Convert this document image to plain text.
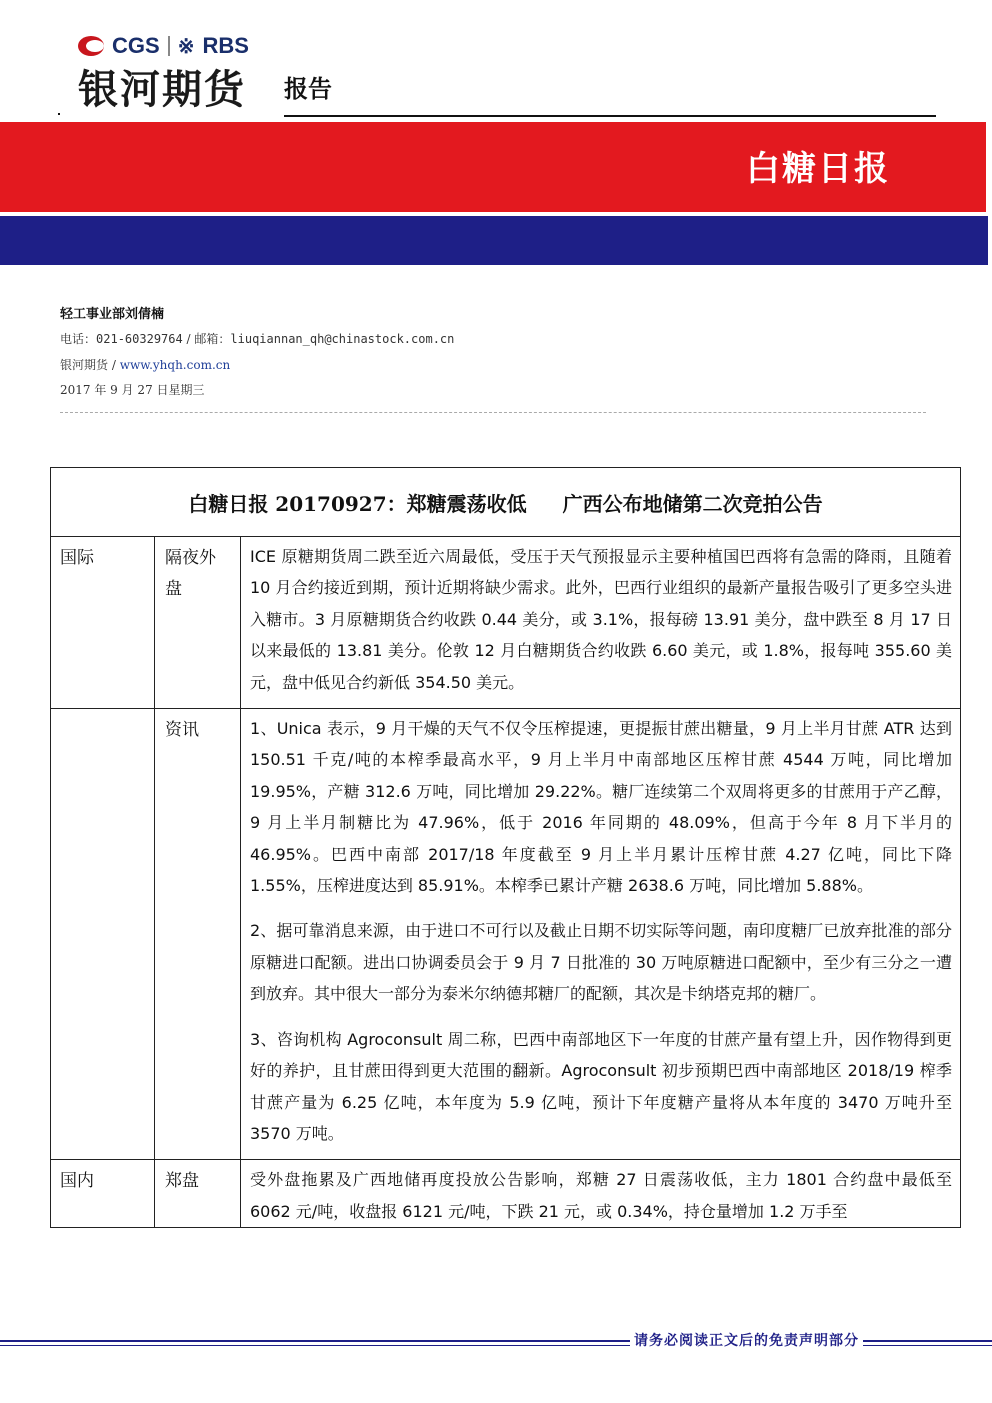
CGS ※ RBS
银河期货 报告
白糖日报
轻工事业部刘倩楠
电话：021-60329764 / 邮箱：liuqiannan_qh@chinastock.com.cn
银河期货 / www.yhqh.com.cn
2017 年 9 月 27 日星期三
白糖日报 20170927：郑糖震荡收低 广西公布地储第二次竞拍公告		
国际	隔夜外盘	ICE 原糖期货周二跌至近六周最低，受压于天气预报显示主要种植国巴西将有急需的降雨，且随着 10 月合约接近到期，预计近期将缺少需求。此外，巴西行业组织的最新产量报告吸引了更多空头进入糖市。3 月原糖期货合约收跌 0.44 美分，或 3.1%，报每磅 13.91 美分，盘中跌至 8 月 17 日以来最低的 13.81 美分。伦敦 12 月白糖期货合约收跌 6.60 美元，或 1.8%，报每吨 355.60 美元，盘中低见合约新低 354.50 美元。

	资讯	1、Unica 表示，9 月干燥的天气不仅令压榨提速，更提振甘蔗出糖量，9 月上半月甘蔗 ATR 达到 150.51 千克/吨的本榨季最高水平，9 月上半月中南部地区压榨甘蔗 4544 万吨，同比增加 19.95%，产糖 312.6 万吨，同比增加 29.22%。糖厂连续第二个双周将更多的甘蔗用于产乙醇，9 月上半月制糖比为 47.96%，低于 2016 年同期的 48.09%，但高于今年 8 月下半月的 46.95%。巴西中南部 2017/18 年度截至 9 月上半月累计压榨甘蔗 4.27 亿吨，同比下降 1.55%，压榨进度达到 85.91%。本榨季已累计产糖 2638.6 万吨，同比增加 5.88%。

2、据可靠消息来源，由于进口不可行以及截止日期不切实际等问题，南印度糖厂已放弃批准的部分原糖进口配额。进出口协调委员会于 9 月 7 日批准的 30 万吨原糖进口配额中，至少有三分之一遭到放弃。其中很大一部分为泰米尔纳德邦糖厂的配额，其次是卡纳塔克邦的糖厂。

3、咨询机构 Agroconsult 周二称，巴西中南部地区下一年度的甘蔗产量有望上升，因作物得到更好的养护，且甘蔗田得到更大范围的翻新。Agroconsult 初步预期巴西中南部地区 2018/19 榨季甘蔗产量为 6.25 亿吨，本年度为 5.9 亿吨，预计下年度糖产量将从本年度的 3470 万吨升至 3570 万吨。

国内	郑盘	受外盘拖累及广西地储再度投放公告影响，郑糖 27 日震荡收低，主力 1801 合约盘中最低至 6062 元/吨，收盘报 6121 元/吨，下跌 21 元，或 0.34%，持仓量增加 1.2 万手至

请务必阅读正文后的免责声明部分
